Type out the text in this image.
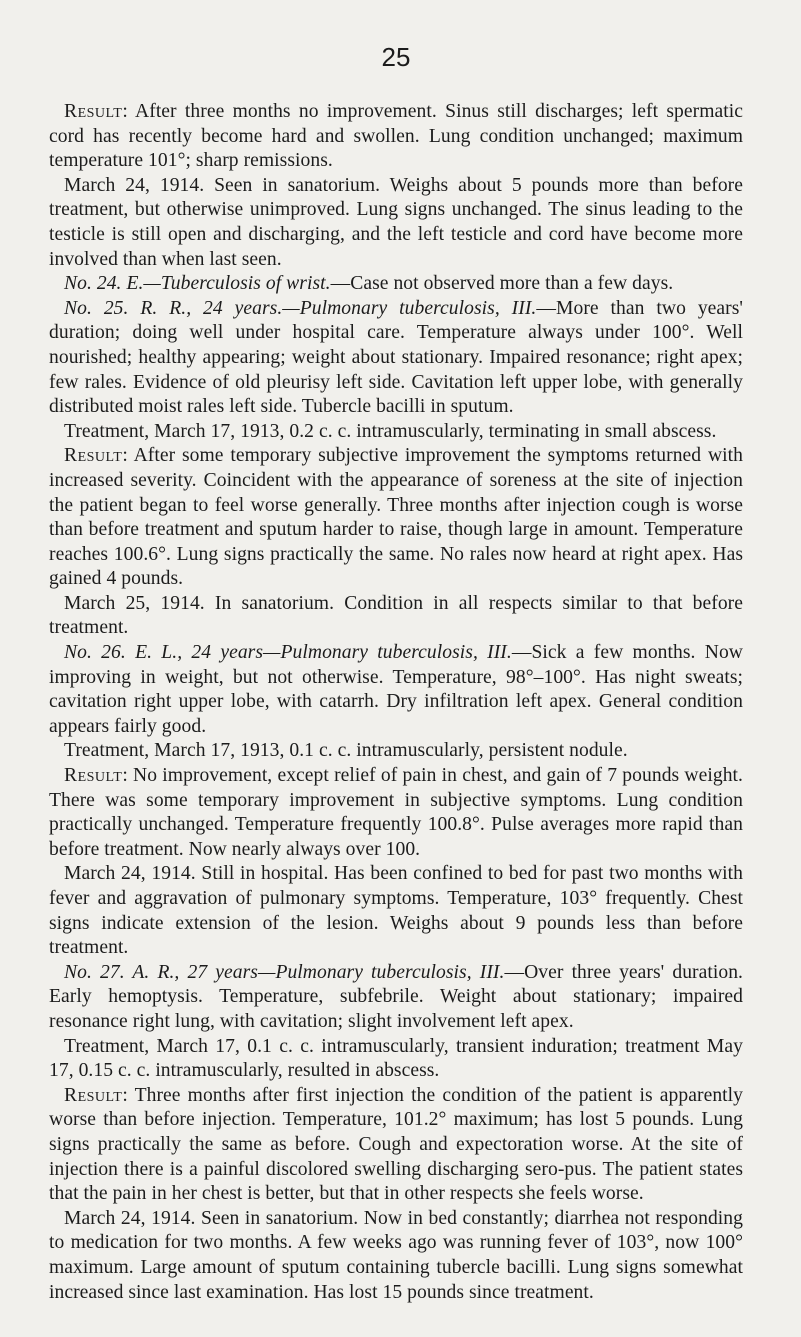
25

Result: After three months no improvement. Sinus still discharges; left spermatic cord has recently become hard and swollen. Lung condition unchanged; maximum temperature 101°; sharp remissions.

March 24, 1914. Seen in sanatorium. Weighs about 5 pounds more than before treatment, but otherwise unimproved. Lung signs unchanged. The sinus leading to the testicle is still open and discharging, and the left testicle and cord have become more involved than when last seen.

No. 24. E.—Tuberculosis of wrist.—Case not observed more than a few days.

No. 25. R. R., 24 years.—Pulmonary tuberculosis, III.—More than two years' duration; doing well under hospital care. Temperature always under 100°. Well nourished; healthy appearing; weight about stationary. Impaired resonance; right apex; few rales. Evidence of old pleurisy left side. Cavitation left upper lobe, with generally distributed moist rales left side. Tubercle bacilli in sputum.

Treatment, March 17, 1913, 0.2 c. c. intramuscularly, terminating in small abscess.

Result: After some temporary subjective improvement the symptoms returned with increased severity. Coincident with the appearance of soreness at the site of injection the patient began to feel worse generally. Three months after injection cough is worse than before treatment and sputum harder to raise, though large in amount. Temperature reaches 100.6°. Lung signs practically the same. No rales now heard at right apex. Has gained 4 pounds.

March 25, 1914. In sanatorium. Condition in all respects similar to that before treatment.

No. 26. E. L., 24 years—Pulmonary tuberculosis, III.—Sick a few months. Now improving in weight, but not otherwise. Temperature, 98°–100°. Has night sweats; cavitation right upper lobe, with catarrh. Dry infiltration left apex. General condition appears fairly good.

Treatment, March 17, 1913, 0.1 c. c. intramuscularly, persistent nodule.

Result: No improvement, except relief of pain in chest, and gain of 7 pounds weight. There was some temporary improvement in subjective symptoms. Lung condition practically unchanged. Temperature frequently 100.8°. Pulse averages more rapid than before treatment. Now nearly always over 100.

March 24, 1914. Still in hospital. Has been confined to bed for past two months with fever and aggravation of pulmonary symptoms. Temperature, 103° frequently. Chest signs indicate extension of the lesion. Weighs about 9 pounds less than before treatment.

No. 27. A. R., 27 years—Pulmonary tuberculosis, III.—Over three years' duration. Early hemoptysis. Temperature, subfebrile. Weight about stationary; impaired resonance right lung, with cavitation; slight involvement left apex.

Treatment, March 17, 0.1 c. c. intramuscularly, transient induration; treatment May 17, 0.15 c. c. intramuscularly, resulted in abscess.

Result: Three months after first injection the condition of the patient is apparently worse than before injection. Temperature, 101.2° maximum; has lost 5 pounds. Lung signs practically the same as before. Cough and expectoration worse. At the site of injection there is a painful discolored swelling discharging sero-pus. The patient states that the pain in her chest is better, but that in other respects she feels worse.

March 24, 1914. Seen in sanatorium. Now in bed constantly; diarrhea not responding to medication for two months. A few weeks ago was running fever of 103°, now 100° maximum. Large amount of sputum containing tubercle bacilli. Lung signs somewhat increased since last examination. Has lost 15 pounds since treatment.
